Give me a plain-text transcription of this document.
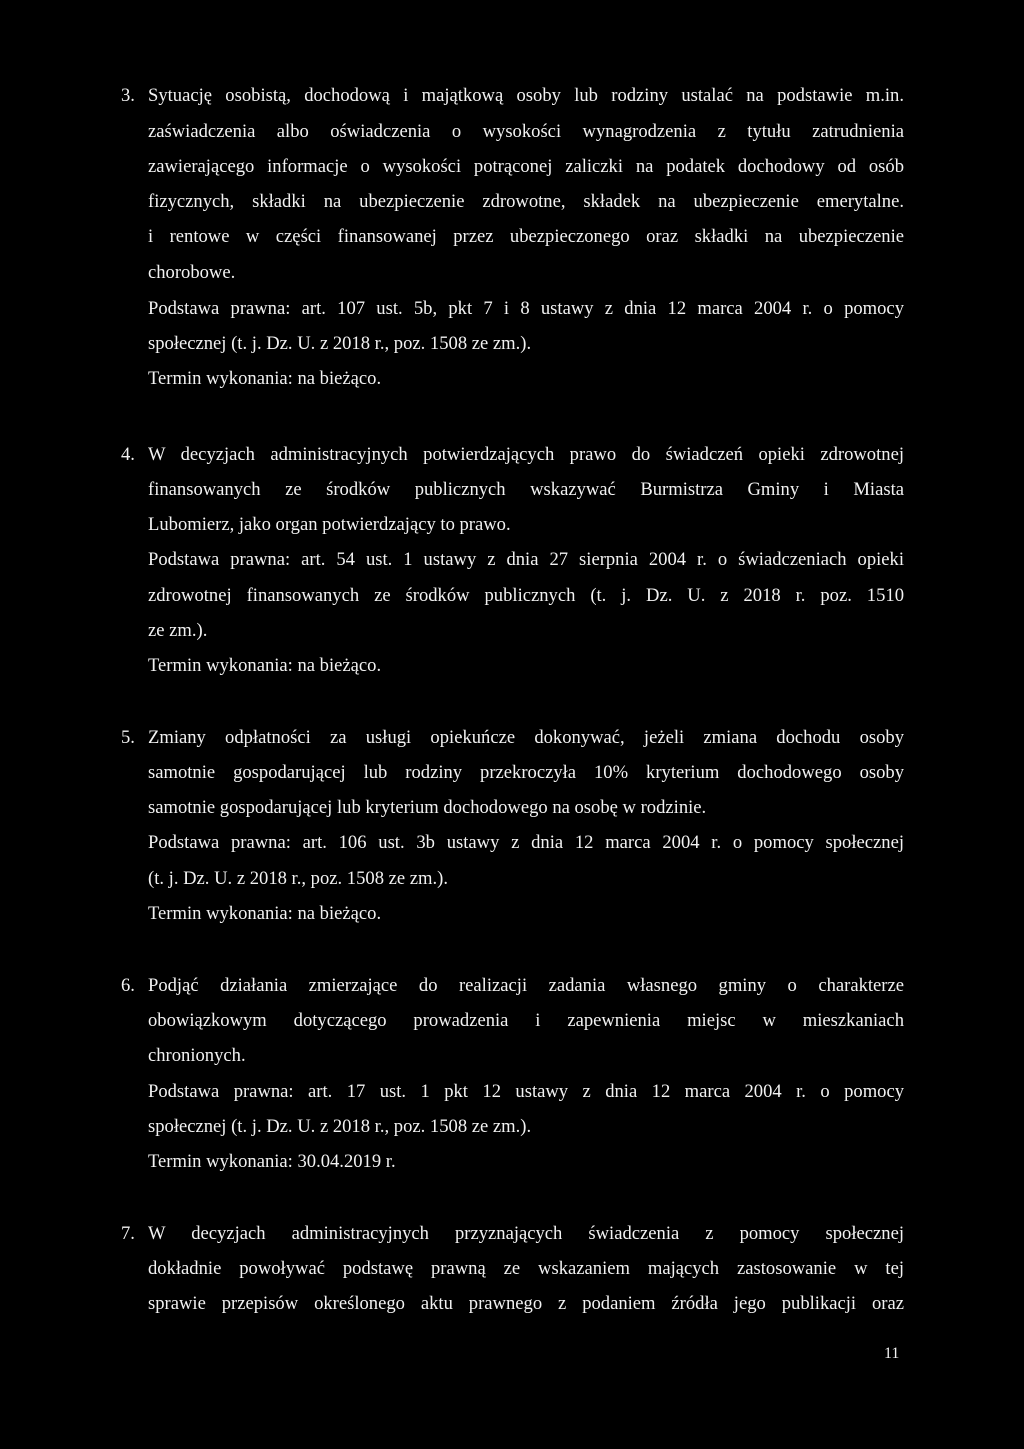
3. Sytuację osobistą, dochodową i majątkową osoby lub rodziny ustalać na podstawie m.in.
zaświadczenia albo oświadczenia o wysokości wynagrodzenia z tytułu zatrudnienia
zawierającego informacje o wysokości potrąconej zaliczki na podatek dochodowy od osób
fizycznych, składki na ubezpieczenie zdrowotne, składek na ubezpieczenie emerytalne.
i rentowe w części finansowanej przez ubezpieczonego oraz składki na ubezpieczenie
chorobowe.
Podstawa prawna: art. 107 ust. 5b, pkt 7 i 8 ustawy z dnia 12 marca 2004 r. o pomocy
społecznej (t. j. Dz. U. z 2018 r., poz. 1508 ze zm.).
Termin wykonania: na bieżąco.
4. W decyzjach administracyjnych potwierdzających prawo do świadczeń opieki zdrowotnej
finansowanych ze środków publicznych wskazywać Burmistrza Gminy i Miasta
Lubomierz, jako organ potwierdzający to prawo.
Podstawa prawna: art. 54 ust. 1 ustawy z dnia 27 sierpnia 2004 r. o świadczeniach opieki
zdrowotnej finansowanych ze środków publicznych (t. j. Dz. U. z 2018 r. poz. 1510
ze zm.).
Termin wykonania: na bieżąco.
5. Zmiany odpłatności za usługi opiekuńcze dokonywać, jeżeli zmiana dochodu osoby
samotnie gospodarującej lub rodziny przekroczyła 10% kryterium dochodowego osoby
samotnie gospodarującej lub kryterium dochodowego na osobę w rodzinie.
Podstawa prawna: art. 106 ust. 3b ustawy z dnia 12 marca 2004 r. o pomocy społecznej
(t. j. Dz. U. z 2018 r., poz. 1508 ze zm.).
Termin wykonania: na bieżąco.
6. Podjąć działania zmierzające do realizacji zadania własnego gminy o charakterze
obowiązkowym dotyczącego prowadzenia i zapewnienia miejsc w mieszkaniach
chronionych.
Podstawa prawna: art. 17 ust. 1 pkt 12 ustawy z dnia 12 marca 2004 r. o pomocy
społecznej (t. j. Dz. U. z 2018 r., poz. 1508 ze zm.).
Termin wykonania: 30.04.2019 r.
7. W decyzjach administracyjnych przyznających świadczenia z pomocy społecznej
dokładnie powoływać podstawę prawną ze wskazaniem mających zastosowanie w tej
sprawie przepisów określonego aktu prawnego z podaniem źródła jego publikacji oraz
11
